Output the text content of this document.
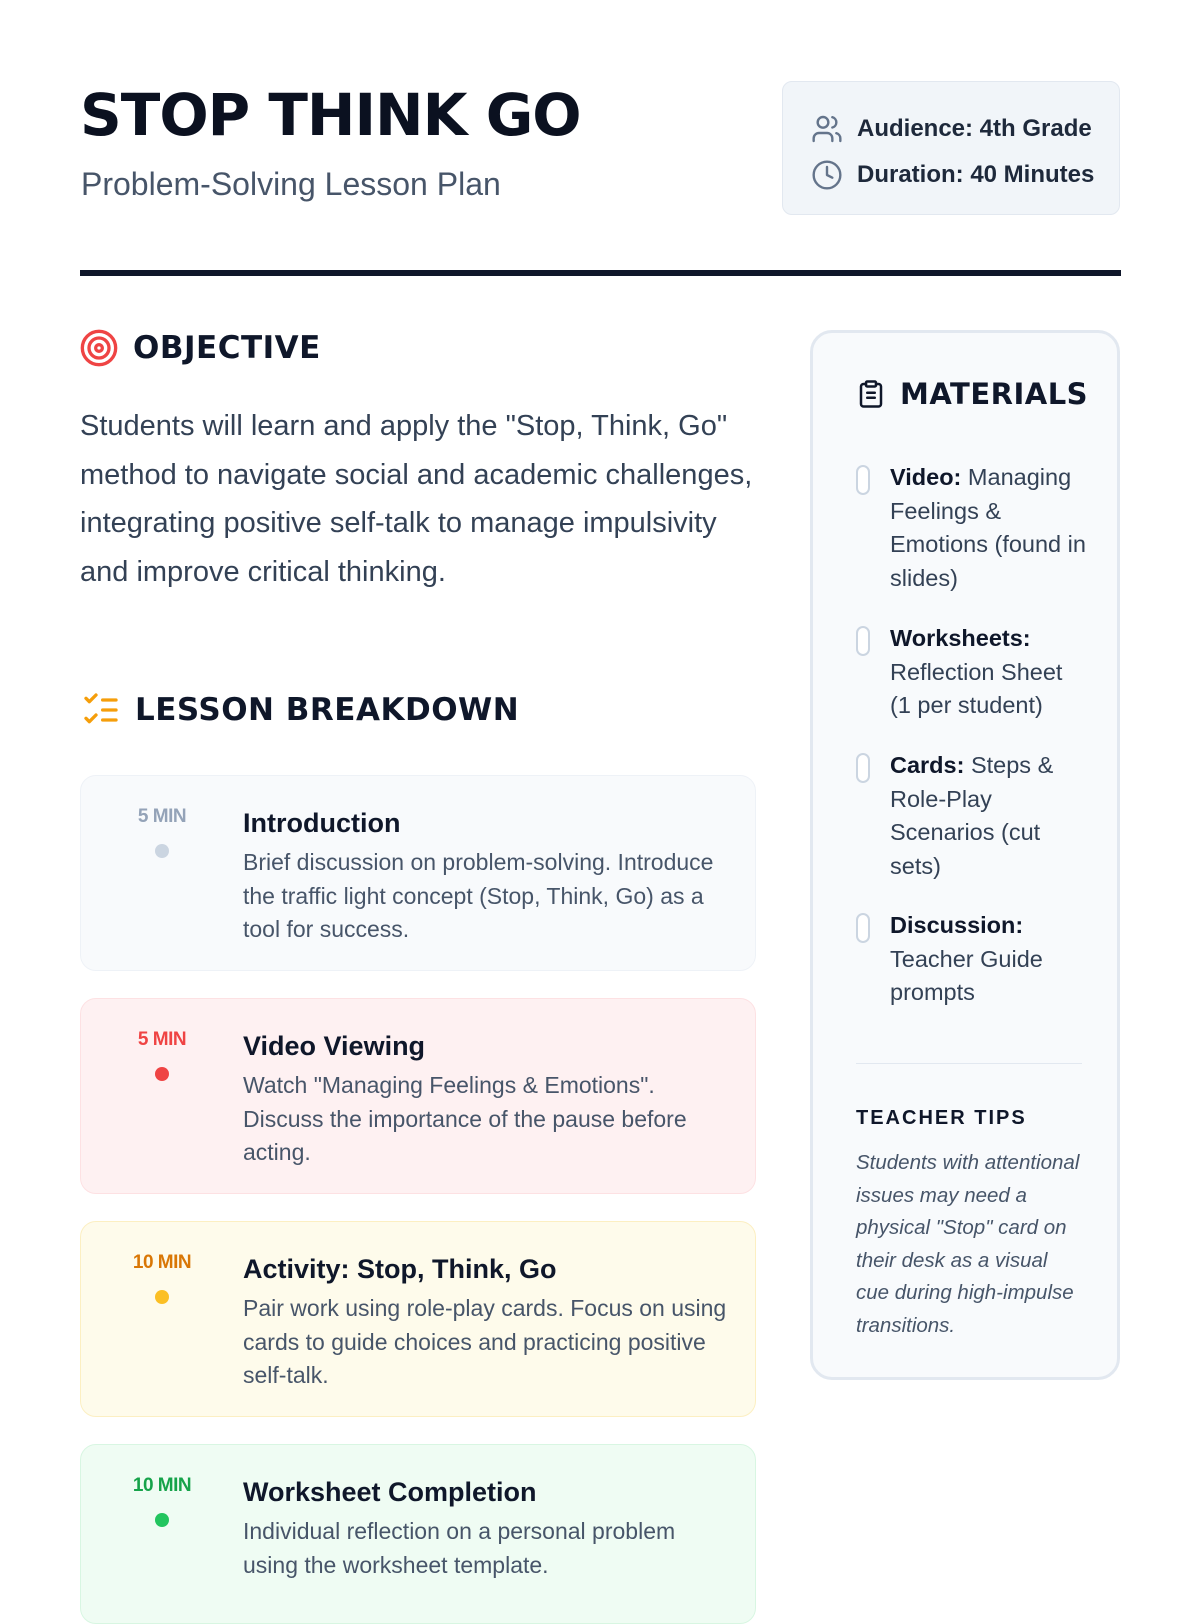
STOP THINK GO
Problem-Solving Lesson Plan
Audience: 4th Grade
Duration: 40 Minutes
OBJECTIVE

Students will learn and apply the "Stop, Think, Go" method to navigate social and academic challenges, integrating positive self-talk to manage impulsivity and improve critical thinking.

LESSON BREAKDOWN
5 MIN	Introduction

Brief discussion on problem-solving. Introduce the traffic light concept (Stop, Think, Go) as a tool for success.

5 MIN	Video Viewing

Watch "Managing Feelings & Emotions". Discuss the importance of the pause before acting.

10 MIN	Activity: Stop, Think, Go

Pair work using role-play cards. Focus on using cards to guide choices and practicing positive self-talk.

10 MIN	Worksheet Completion

Individual reflection on a personal problem using the worksheet template.

MATERIALS
Video: Managing Feelings & Emotions (found in slides)
Worksheets: Reflection Sheet (1 per student)
Cards: Steps & Role-Play Scenarios (cut sets)
Discussion: Teacher Guide prompts
TEACHER TIPS

Students with attentional issues may need a physical "Stop" card on their desk as a visual cue during high-impulse transitions.
